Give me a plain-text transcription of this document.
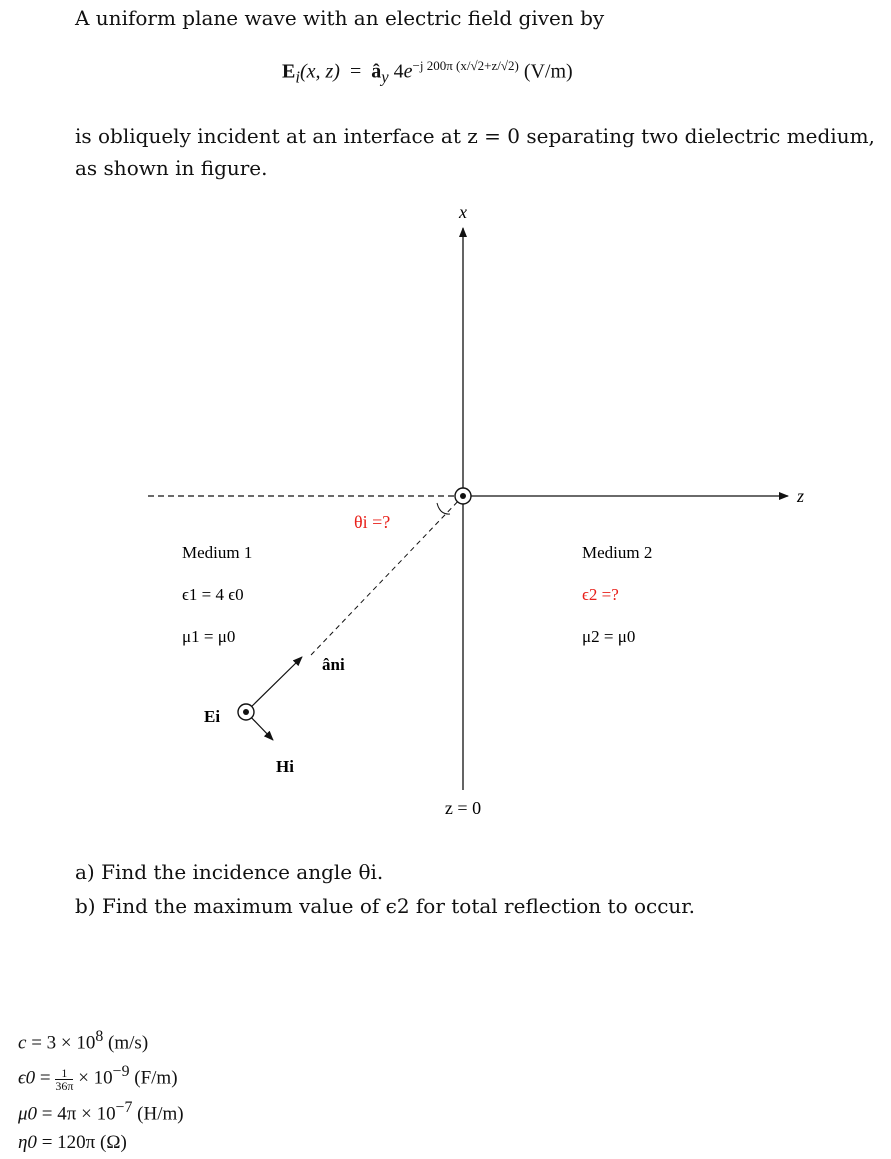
A uniform plane wave with an electric field given by
$E_i(x$, $z) = â_y$ $4e^{-j 200\pi (x/√2+z/√2)}$ (V/m)
is obliquely incident at an interface at z = 0 separating two dielectric medium, as shown in figure.
x
z
z = 0
θi =?
Medium 1
ϵ1 = 4 ϵ0
μ1 = μ0
Medium 2
ϵ2 =?
μ2 = μ0
âni
Ei
Hi
a) Find the incidence angle θi.
b) Find the maximum value of ϵ2 for total reflection to occur.
$c = 3 \times 10^8$ (m/s)
$\epsilon 0 = \frac{1}{36\pi} \times 10^{-9}$ (F/m)
$\mu 0 = 4\pi \times 10^{-7}$ (H/m)
η0 = 120π (Ω)
